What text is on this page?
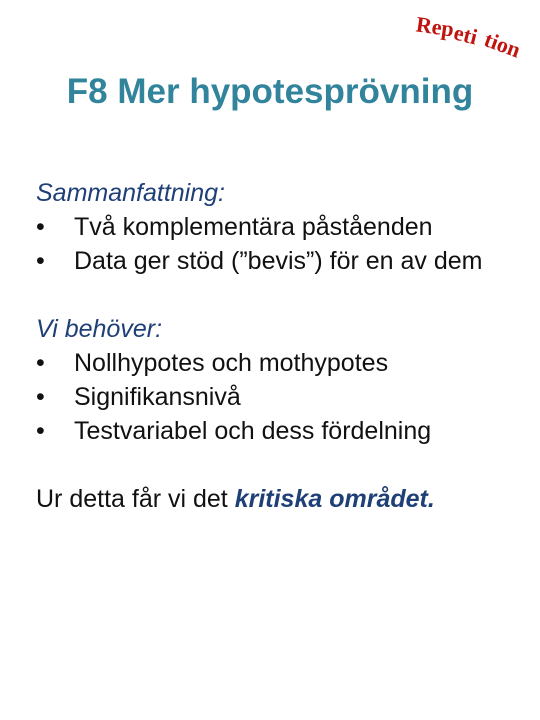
Rep
eti tion
F8 Mer hypotesprövning

Sammanfattning:

•	Två komplementära påståenden
•	Data ger stöd (”bevis”) för en av dem

Vi behöver:

•	Nollhypotes och mothypotes
•	Signifikansnivå
•	Testvariabel och dess fördelning

Ur detta får vi det kritiska området.
